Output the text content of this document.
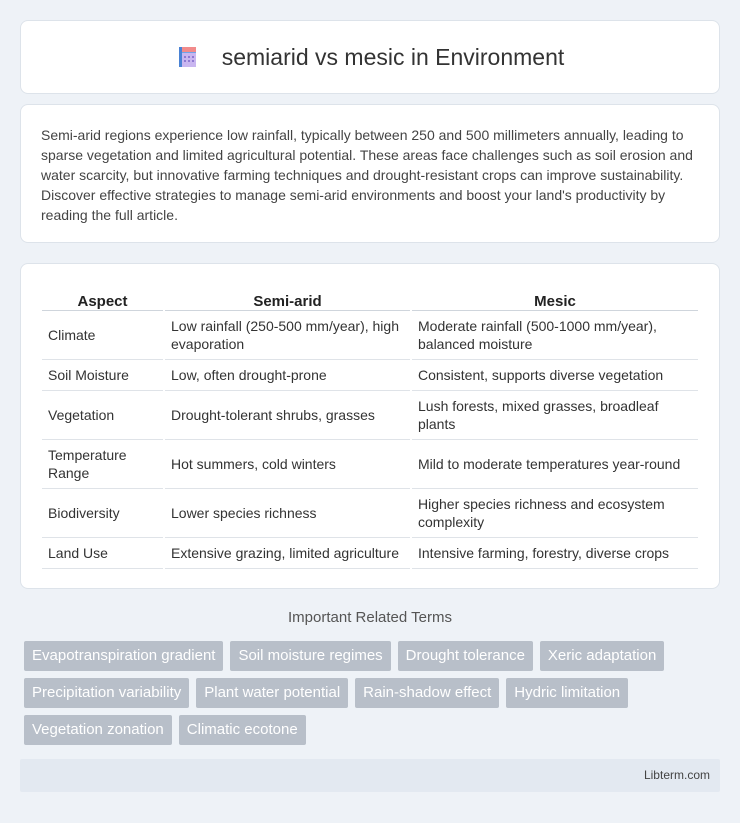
semiarid vs mesic in Environment

Semi-arid regions experience low rainfall, typically between 250 and 500 millimeters annually, leading to sparse vegetation and limited agricultural potential. These areas face challenges such as soil erosion and water scarcity, but innovative farming techniques and drought-resistant crops can improve sustainability. Discover effective strategies to manage semi-arid environments and boost your land's productivity by reading the full article.

Aspect	Semi-arid	Mesic
Climate	Low rainfall (250-500 mm/year), high evaporation	Moderate rainfall (500-1000 mm/year), balanced moisture
Soil Moisture	Low, often drought-prone	Consistent, supports diverse vegetation
Vegetation	Drought-tolerant shrubs, grasses	Lush forests, mixed grasses, broadleaf plants
Temperature Range	Hot summers, cold winters	Mild to moderate temperatures year-round
Biodiversity	Lower species richness	Higher species richness and ecosystem complexity
Land Use	Extensive grazing, limited agriculture	Intensive farming, forestry, diverse crops
Important Related Terms
Evapotranspiration gradient	Soil moisture regimes	Drought tolerance	Xeric adaptation
Precipitation variability	Plant water potential	Rain-shadow effect	Hydric limitation
Vegetation zonation	Climatic ecotone
Libterm.com
